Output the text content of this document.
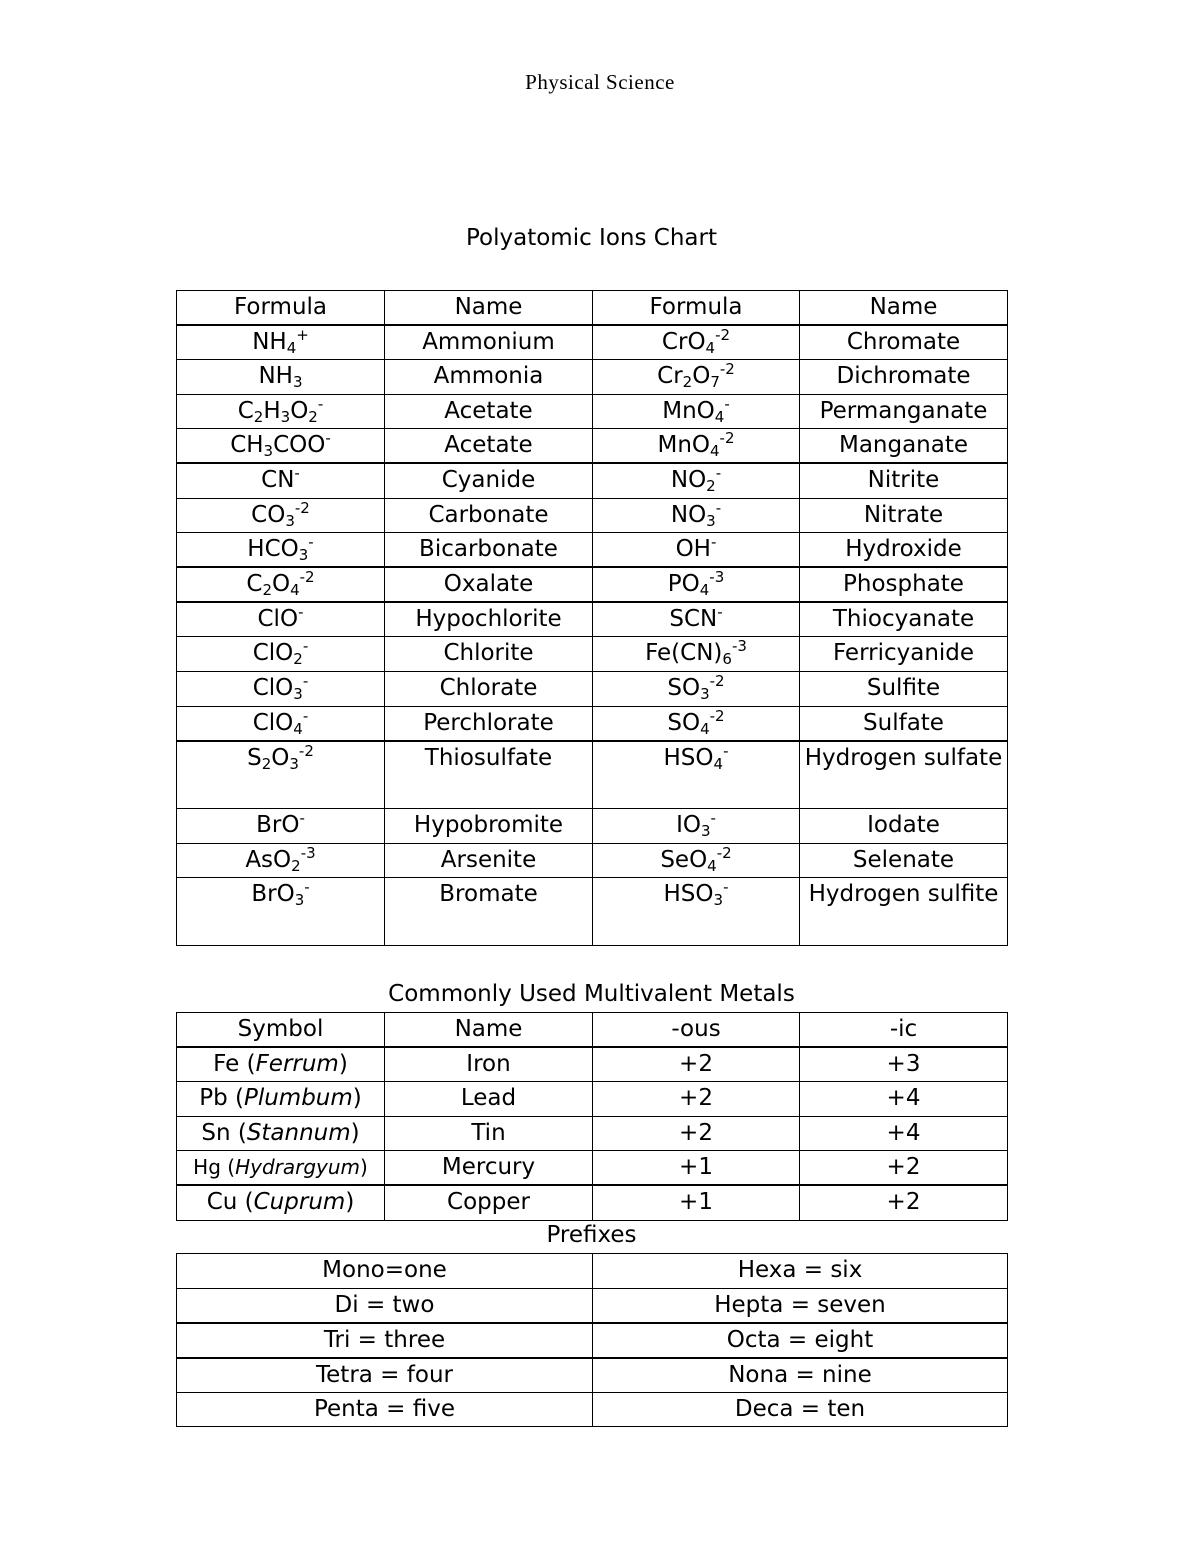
Physical Science
Polyatomic Ions Chart
Formula	Name	Formula	Name
$NH_4^+$	Ammonium	CrO$_4^{-2}$	Chromate
$NH_3$	Ammonia	$Cr_2O_7^{-2}$	Dichromate
$C_2H_3O_2^-$	Acetate	MnO$_4$-	Permanganate
$CH_3COO^-$	Acetate	MnO$_4^{-2}$	Manganate
CN-	Cyanide	$NO_2^-$	Nitrite
$CO_3^{-2}$	Carbonate	$NO_3^-$	Nitrate
$HCO_3^-$	Bicarbonate	OH-	Hydroxide
$C_2O_4^{-2}$	Oxalate	$PO_4^{-3}$	Phosphate
ClO-	Hypochlorite	SCN-	Thiocyanate
ClO$_2$-	Chlorite	$Fe(CN)_6^{-3}$	Ferricyanide
ClO$_3$-	Chlorate	$SO_3^{-2}$	Sulfite
ClO$_4$-	Perchlorate	$SO_4^{-2}$	Sulfate
$S_2O_3^{-2}$	Thiosulfate	$HSO_4^-$	Hydrogen sulfate
BrO-	Hypobromite	$IO_3^-$	Iodate
AsO$_2^{-3}$	Arsenite	SeO$_4^{-2}$	Selenate
BrO$_3$-	Bromate	$HSO_3^-$	Hydrogen sulfite
Commonly Used Multivalent Metals
Symbol	Name	-ous	-ic
Fe (Ferrum)	Iron	+2	+3
Pb (Plumbum)	Lead	+2	+4
Sn (Stannum)	Tin	+2	+4
Hg (Hydrargyum)	Mercury	+1	+2
Cu (Cuprum)	Copper	+1	+2
Prefixes
Mono=one	Hexa = six
Di = two	Hepta = seven
Tri = three	Octa = eight
Tetra = four	Nona = nine
Penta = five	Deca = ten
